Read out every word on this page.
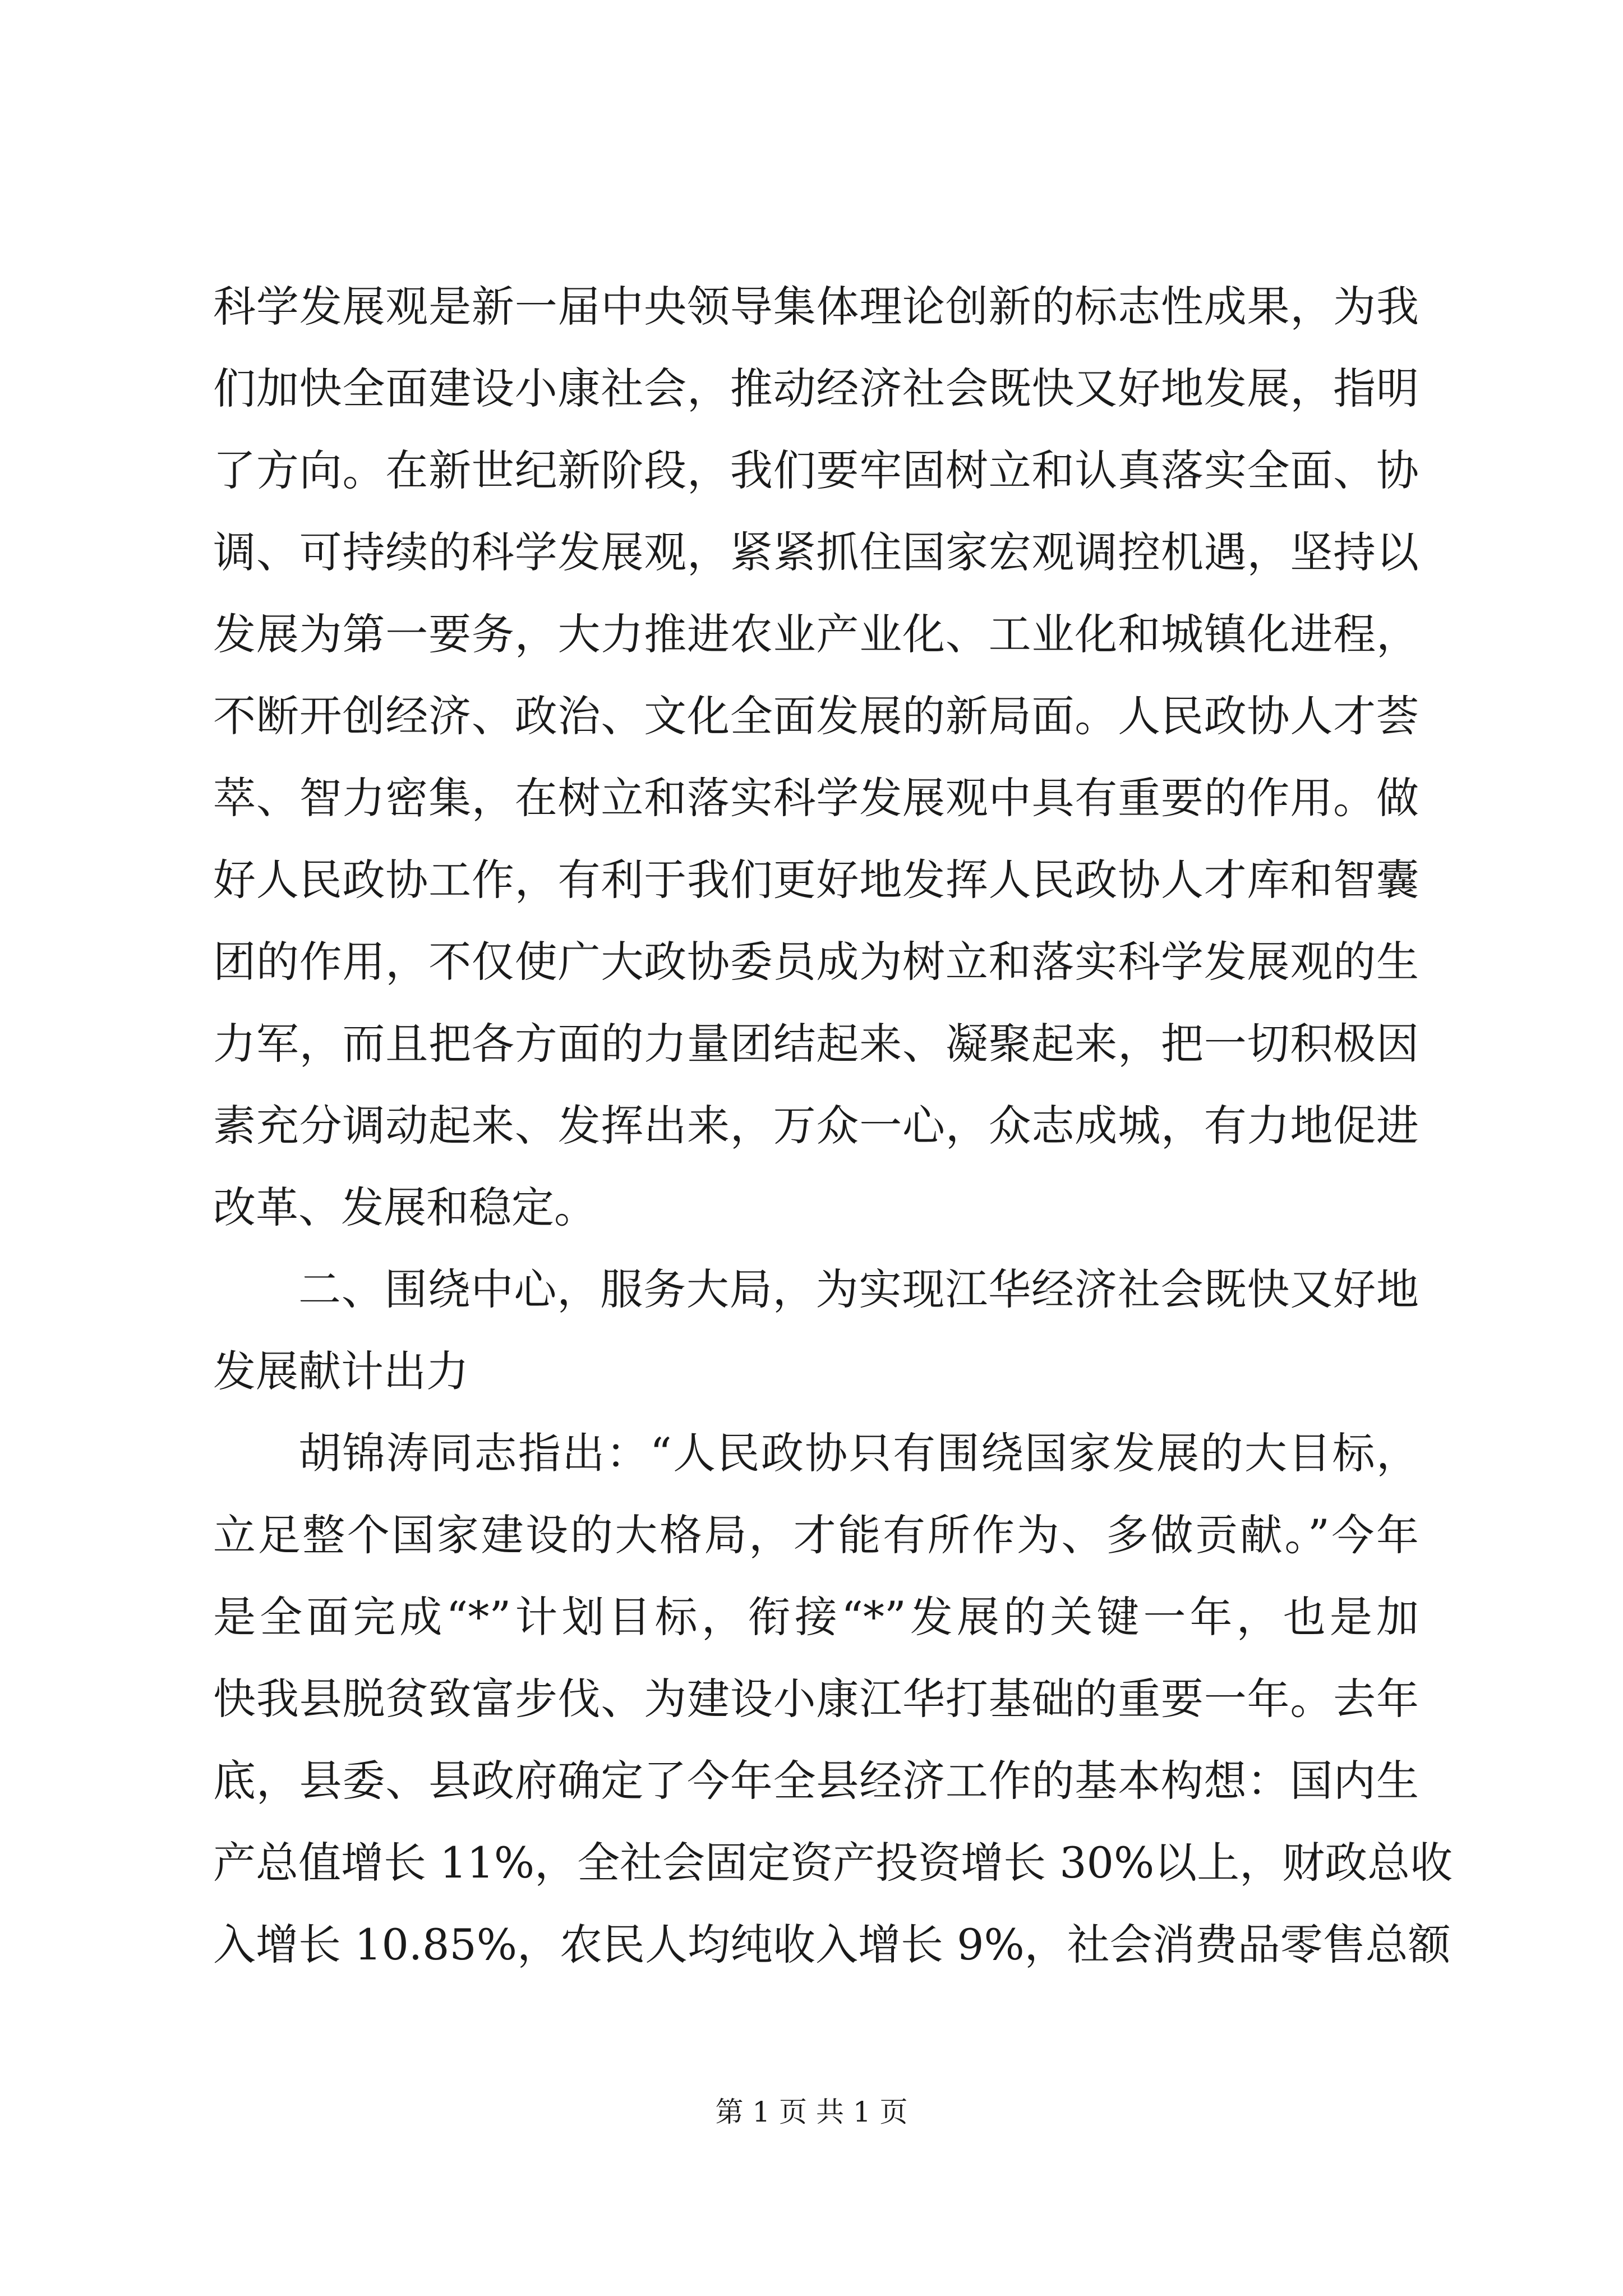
科学发展观是新一届中央领导集体理论创新的标志性成果，为我
们加快全面建设小康社会，推动经济社会既快又好地发展，指明
了方向。在新世纪新阶段，我们要牢固树立和认真落实全面、协
调、可持续的科学发展观，紧紧抓住国家宏观调控机遇，坚持以
发展为第一要务，大力推进农业产业化、工业化和城镇化进程，
不断开创经济、政治、文化全面发展的新局面。人民政协人才荟
萃、智力密集，在树立和落实科学发展观中具有重要的作用。做
好人民政协工作，有利于我们更好地发挥人民政协人才库和智囊
团的作用，不仅使广大政协委员成为树立和落实科学发展观的生
力军，而且把各方面的力量团结起来、凝聚起来，把一切积极因
素充分调动起来、发挥出来，万众一心，众志成城，有力地促进
改革、发展和稳定。
二、围绕中心，服务大局，为实现江华经济社会既快又好地
发展献计出力
胡锦涛同志指出：“人民政协只有围绕国家发展的大目标，
立足整个国家建设的大格局，才能有所作为、多做贡献。”今年
是全面完成“*”计划目标，衔接“*”发展的关键一年，也是加
快我县脱贫致富步伐、为建设小康江华打基础的重要一年。去年
底，县委、县政府确定了今年全县经济工作的基本构想：国内生
产总值增长 11%，全社会固定资产投资增长 30%以上，财政总收
入增长 10.85%，农民人均纯收入增长 9%，社会消费品零售总额
第 1 页 共 1 页
